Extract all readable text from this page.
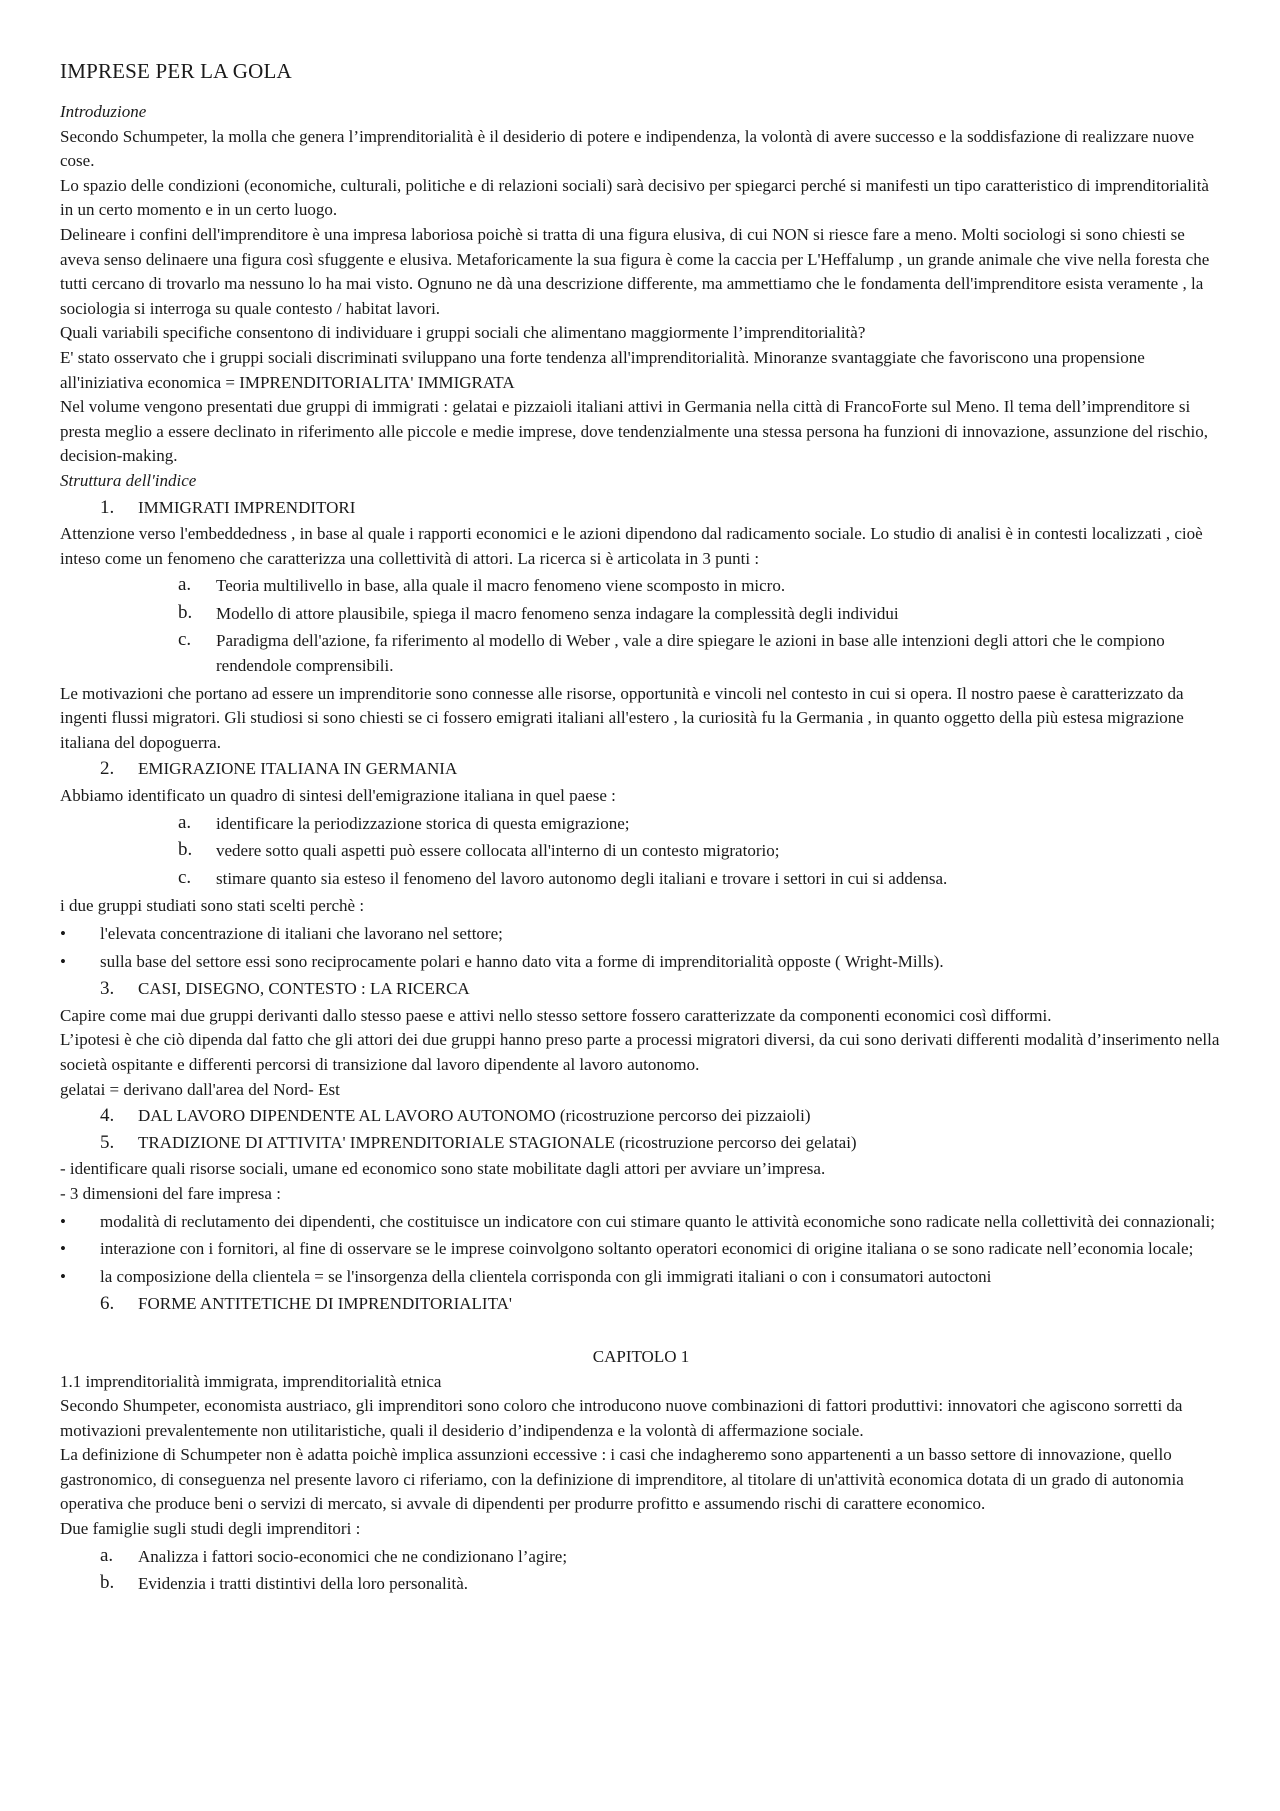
IMPRESE PER LA GOLA

Introduzione

Secondo Schumpeter, la molla che genera l’imprenditorialità è il desiderio di potere e indipendenza, la volontà di avere successo e la soddisfazione di realizzare nuove cose.

Lo spazio delle condizioni (economiche, culturali, politiche e di relazioni sociali) sarà decisivo per spiegarci perché si manifesti un tipo caratteristico di imprenditorialità in un certo momento e in un certo luogo.

Delineare i confini dell'imprenditore è una impresa laboriosa poichè si tratta di una figura elusiva, di cui NON si riesce fare a meno. Molti sociologi si sono chiesti se aveva senso delinaere una figura così sfuggente e elusiva. Metaforicamente la sua figura è come la caccia per L'Heffalump , un grande animale che vive nella foresta che tutti cercano di trovarlo ma nessuno lo ha mai visto. Ognuno ne dà una descrizione differente, ma ammettiamo che le fondamenta dell'imprenditore esista veramente , la sociologia si interroga su quale contesto / habitat lavori.

Quali variabili specifiche consentono di individuare i gruppi sociali che alimentano maggiormente l’imprenditorialità?

E' stato osservato che i gruppi sociali discriminati sviluppano una forte tendenza all'imprenditorialità. Minoranze svantaggiate che favoriscono una propensione all'iniziativa economica = IMPRENDITORIALITA' IMMIGRATA

Nel volume vengono presentati due gruppi di immigrati : gelatai e pizzaioli italiani attivi in Germania nella città di FrancoForte sul Meno. Il tema dell’imprenditore si presta meglio a essere declinato in riferimento alle piccole e medie imprese, dove tendenzialmente una stessa persona ha funzioni di innovazione, assunzione del rischio, decision-making.

Struttura dell'indice

1. IMMIGRATI IMPRENDITORI

Attenzione verso l'embeddedness , in base al quale i rapporti economici e le azioni dipendono dal radicamento sociale. Lo studio di analisi è in contesti localizzati , cioè inteso come un fenomeno che caratterizza una collettività di attori. La ricerca si è articolata in 3 punti :

a. Teoria multilivello in base, alla quale il macro fenomeno viene scomposto in micro.
b. Modello di attore plausibile, spiega il macro fenomeno senza indagare la complessità degli individui
c. Paradigma dell'azione, fa riferimento al modello di Weber , vale a dire spiegare le azioni in base alle intenzioni degli attori che le compiono rendendole comprensibili.

Le motivazioni che portano ad essere un imprenditorie sono connesse alle risorse, opportunità e vincoli nel contesto in cui si opera. Il nostro paese è caratterizzato da ingenti flussi migratori. Gli studiosi si sono chiesti se ci fossero emigrati italiani all'estero , la curiosità fu la Germania , in quanto oggetto della più estesa migrazione italiana del dopoguerra.

2. EMIGRAZIONE ITALIANA IN GERMANIA

Abbiamo identificato un quadro di sintesi dell'emigrazione italiana in quel paese :

a. identificare la periodizzazione storica di questa emigrazione;
b. vedere sotto quali aspetti può essere collocata all'interno di un contesto migratorio;
c. stimare quanto sia esteso il fenomeno del lavoro autonomo degli italiani e trovare i settori in cui si addensa.

i due gruppi studiati sono stati scelti perchè :

• l'elevata concentrazione di italiani che lavorano nel settore;
• sulla base del settore essi sono reciprocamente polari e hanno dato vita a forme di imprenditorialità opposte ( Wright-Mills).
3. CASI, DISEGNO, CONTESTO : LA RICERCA

Capire come mai due gruppi derivanti dallo stesso paese e attivi nello stesso settore fossero caratterizzate da componenti economici così difformi.

L’ipotesi è che ciò dipenda dal fatto che gli attori dei due gruppi hanno preso parte a processi migratori diversi, da cui sono derivati differenti modalità d’inserimento nella società ospitante e differenti percorsi di transizione dal lavoro dipendente al lavoro autonomo.

gelatai = derivano dall'area del Nord- Est

4. DAL LAVORO DIPENDENTE AL LAVORO AUTONOMO (ricostruzione percorso dei pizzaioli)
5. TRADIZIONE DI ATTIVITA' IMPRENDITORIALE STAGIONALE (ricostruzione percorso dei gelatai)

- identificare quali risorse sociali, umane ed economico sono state mobilitate dagli attori per avviare un’impresa.

- 3 dimensioni del fare impresa :

• modalità di reclutamento dei dipendenti, che costituisce un indicatore con cui stimare quanto le attività economiche sono radicate nella collettività dei connazionali;
• interazione con i fornitori, al fine di osservare se le imprese coinvolgono soltanto operatori economici di origine italiana o se sono radicate nell’economia locale;
• la composizione della clientela = se l'insorgenza della clientela corrisponda con gli immigrati italiani o con i consumatori autoctoni
6. FORME ANTITETICHE DI IMPRENDITORIALITA'

CAPITOLO 1

1.1 imprenditorialità immigrata, imprenditorialità etnica

Secondo Shumpeter, economista austriaco, gli imprenditori sono coloro che introducono nuove combinazioni di fattori produttivi: innovatori che agiscono sorretti da motivazioni prevalentemente non utilitaristiche, quali il desiderio d’indipendenza e la volontà di affermazione sociale.

La definizione di Schumpeter non è adatta poichè implica assunzioni eccessive : i casi che indagheremo sono appartenenti a un basso settore di innovazione, quello gastronomico, di conseguenza nel presente lavoro ci riferiamo, con la definizione di imprenditore, al titolare di un'attività economica dotata di un grado di autonomia operativa che produce beni o servizi di mercato, si avvale di dipendenti per produrre profitto e assumendo rischi di carattere economico.

Due famiglie sugli studi degli imprenditori :

a. Analizza i fattori socio-economici che ne condizionano l’agire;
b. Evidenzia i tratti distintivi della loro personalità.
